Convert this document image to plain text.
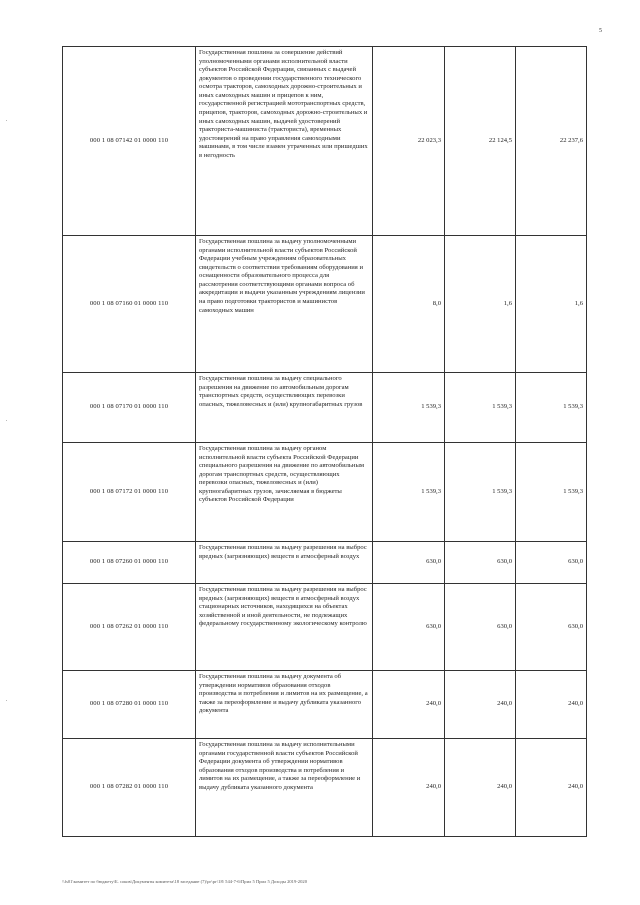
5
000 1 08 07142 01 0000 110	Государственная пошлина за совершение действий уполномоченными органами исполнительной власти субъектов Российской Федерации, связанных с выдачей документов о проведении государственного технического осмотра тракторов, самоходных дорожно-строительных и иных самоходных машин и прицепов к ним, государственной регистрацией мототранспортных средств, прицепов, тракторов, самоходных дорожно-строительных и иных самоходных машин, выдачей удостоверений тракториста-машиниста (тракториста), временных удостоверений на право управления самоходными машинами, в том числе взамен утраченных или пришедших в негодность	22 023,3	22 124,5	22 237,6
000 1 08 07160 01 0000 110	Государственная пошлина за выдачу уполномоченными органами исполнительной власти субъектов Российской Федерации учебным учреждениям образовательных свидетельств о соответствии требованиям оборудования и оснащенности образовательного процесса для рассмотрения соответствующими органами вопроса об аккредитации и выдачи указанным учреждениям лицензии на право подготовки трактористов и машинистов самоходных машин	8,0	1,6	1,6
000 1 08 07170 01 0000 110	Государственная пошлина за выдачу специального разрешения на движение по автомобильным дорогам транспортных средств, осуществляющих перевозки опасных, тяжеловесных и (или) крупногабаритных грузов	1 539,3	1 539,3	1 539,3
000 1 08 07172 01 0000 110	Государственная пошлина за выдачу органом исполнительной власти субъекта Российской Федерации специального разрешения на движение по автомобильным дорогам транспортных средств, осуществляющих перевозки опасных, тяжеловесных и (или) крупногабаритных грузов, зачисляемая в бюджеты субъектов Российской Федерации	1 539,3	1 539,3	1 539,3
000 1 08 07260 01 0000 110	Государственная пошлина за выдачу разрешения на выброс вредных (загрязняющих) веществ в атмосферный воздух	630,0	630,0	630,0
000 1 08 07262 01 0000 110	Государственная пошлина за выдачу разрешения на выброс вредных (загрязняющих) веществ в атмосферный воздух стационарных источников, находящихся на объектах хозяйственной и иной деятельности, не подлежащих федеральному государственному экологическому контролю	630,0	630,0	630,0
000 1 08 07280 01 0000 110	Государственная пошлина за выдачу документа об утверждении нормативов образования отходов производства и потребления и лимитов на их размещение, а также за переоформление и выдачу дубликата указанного документа	240,0	240,0	240,0
000 1 08 07282 01 0000 110	Государственная пошлина за выдачу исполнительными органами государственной власти субъектов Российской Федерации документа об утверждении нормативов образования отходов производства и потребления и лимитов на их размещение, а также за переоформление и выдачу дубликата указанного документа	240,0	240,0	240,0
\\fs01\комитет по бюджету\Б. соков\Документы комитета\18 заседание (7)\рг\рг\18\ 544-7-6\Прил 5 Прил 5 Доходы 2019-2020
